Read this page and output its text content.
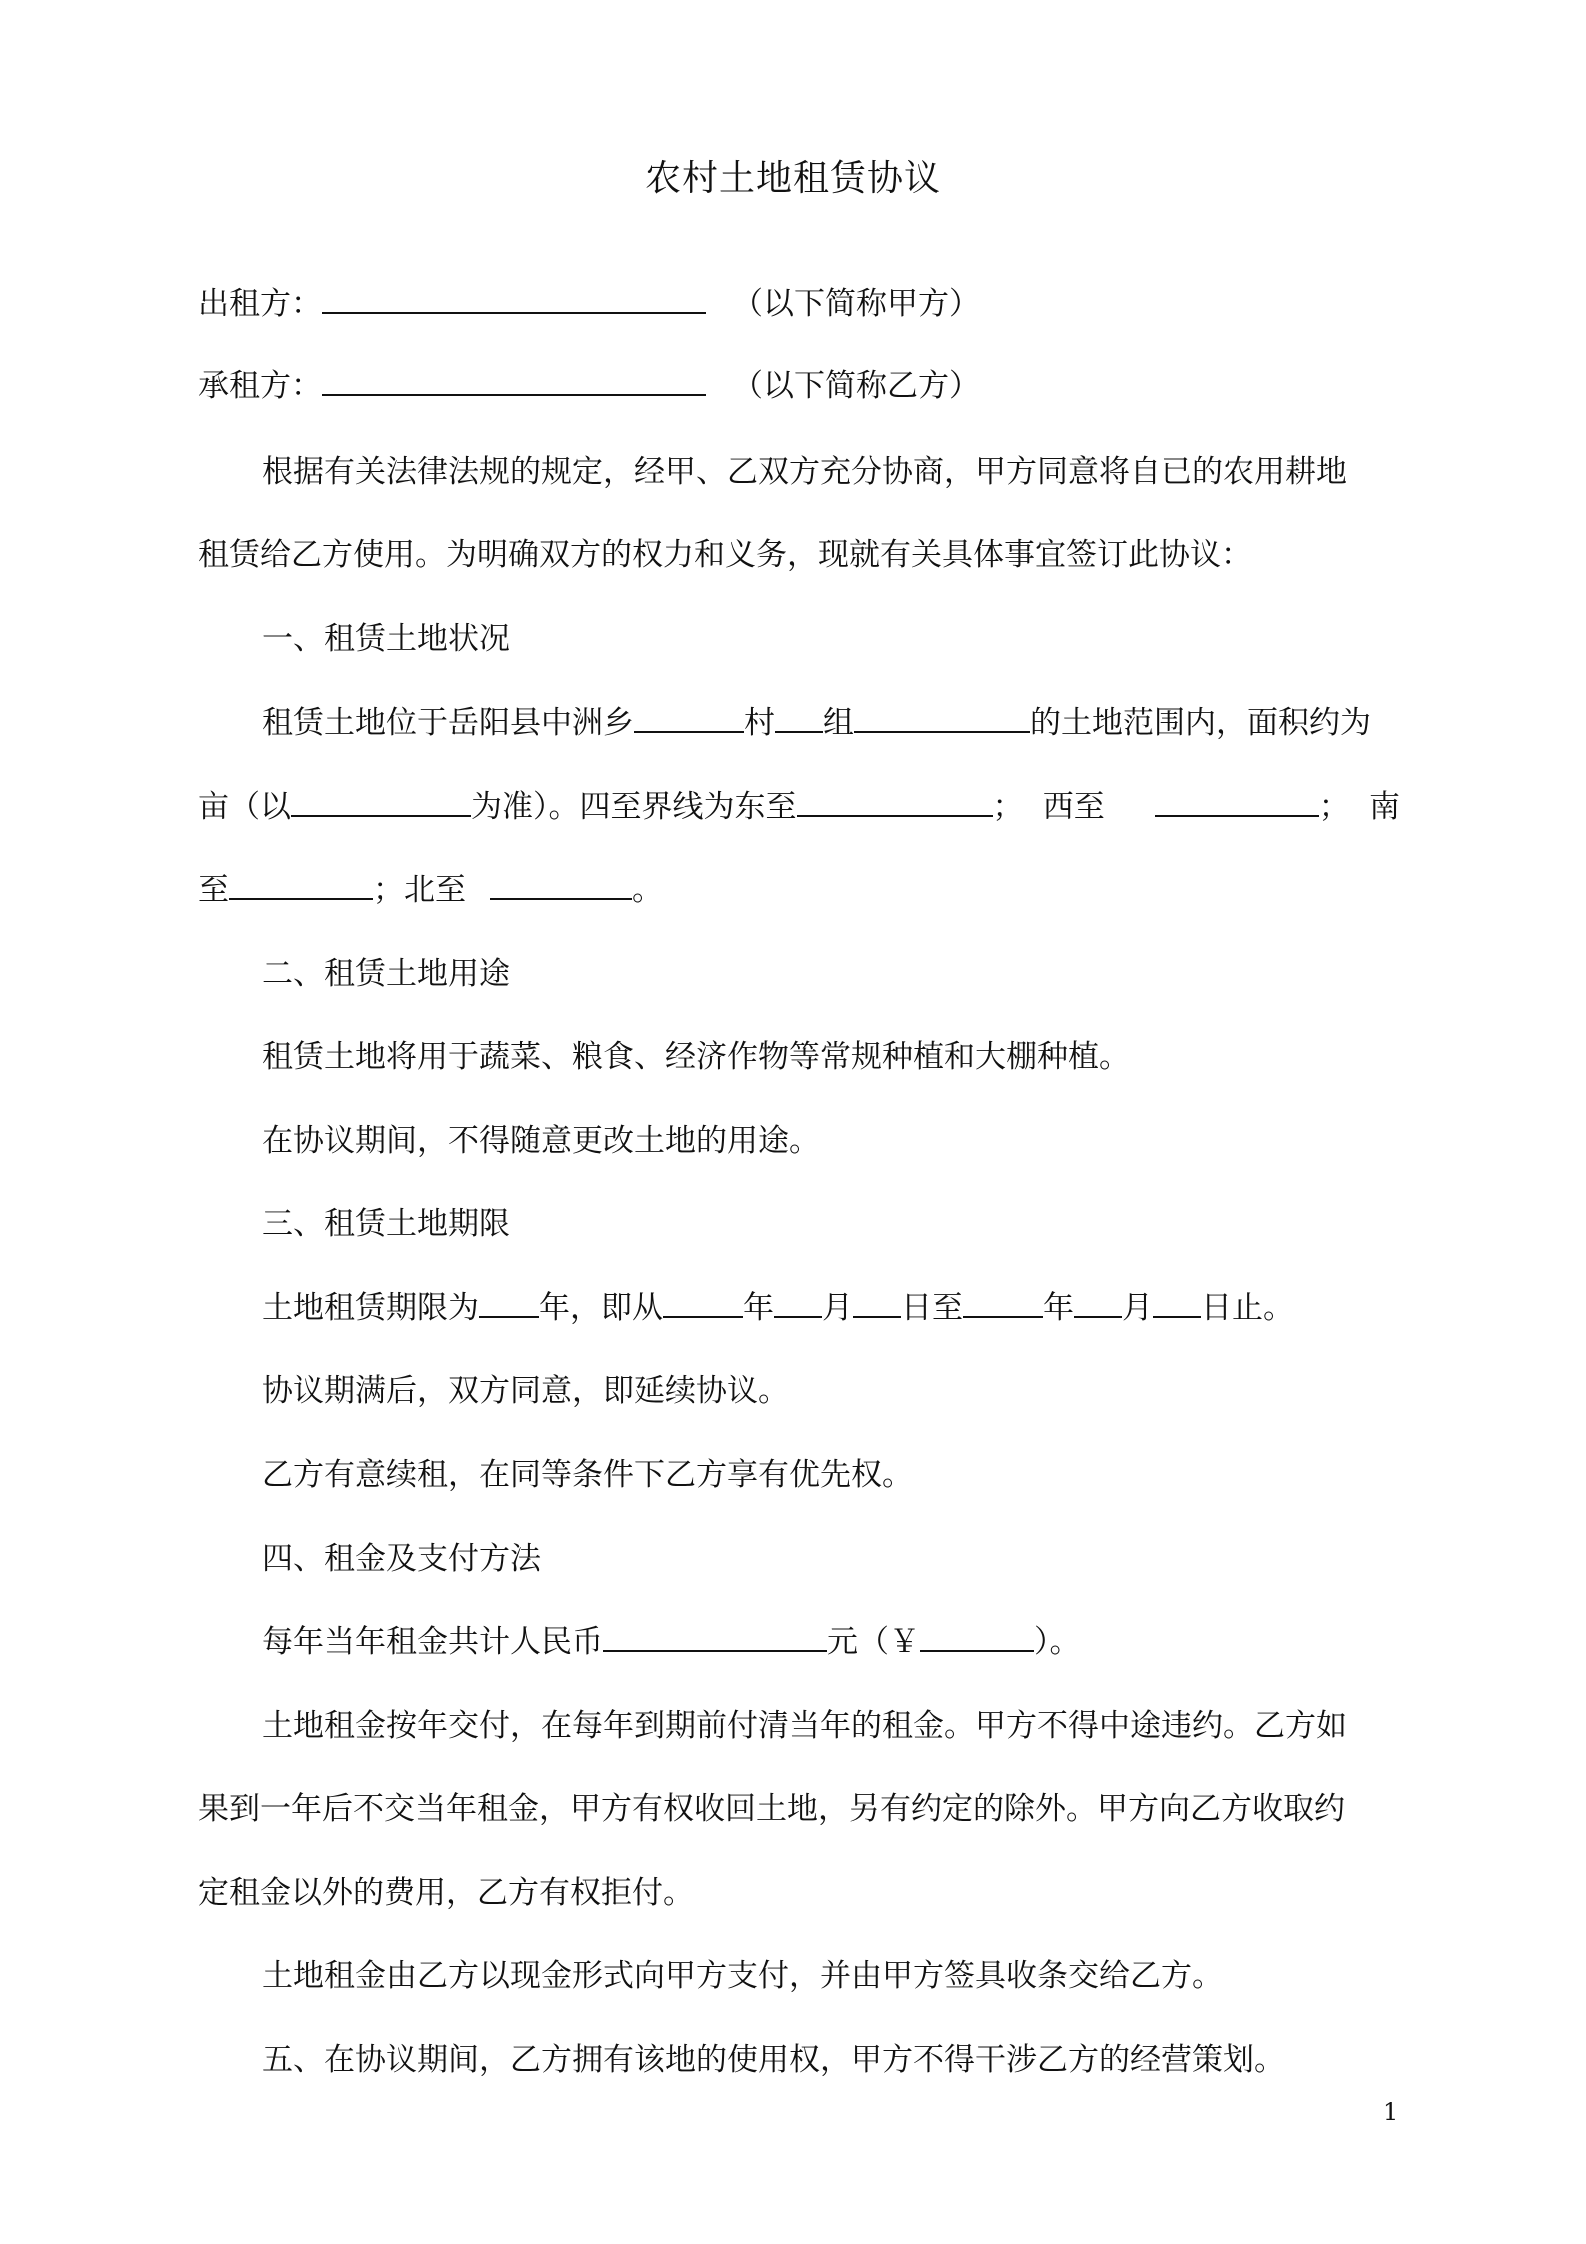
农村土地租赁协议
出租方：	（以下简称甲方）
承租方：	（以下简称乙方）
根据有关法律法规的规定，经甲、乙双方充分协商，甲方同意将自已的农用耕地
租赁给乙方使用。为明确双方的权力和义务，现就有关具体事宜签订此协议：
一、租赁土地状况
租赁土地位于岳阳县中洲乡	村 组	的土地范围内，面积约为
亩（以	为准）。四至界线为东至	； 西至	； 南
至	；北至	。
二、租赁土地用途
租赁土地将用于蔬菜、粮食、经济作物等常规种植和大棚种植。
在协议期间，不得随意更改土地的用途。
三、租赁土地期限
土地租赁期限为 年，即从	年 月 日至	年 月 日止。
协议期满后，双方同意，即延续协议。
乙方有意续租，在同等条件下乙方享有优先权。
四、租金及支付方法
每年当年租金共计人民币	元（￥	）。
土地租金按年交付，在每年到期前付清当年的租金。甲方不得中途违约。乙方如
果到一年后不交当年租金，甲方有权收回土地，另有约定的除外。甲方向乙方收取约
定租金以外的费用，乙方有权拒付。
土地租金由乙方以现金形式向甲方支付，并由甲方签具收条交给乙方。
五、在协议期间，乙方拥有该地的使用权，甲方不得干涉乙方的经营策划。
1
